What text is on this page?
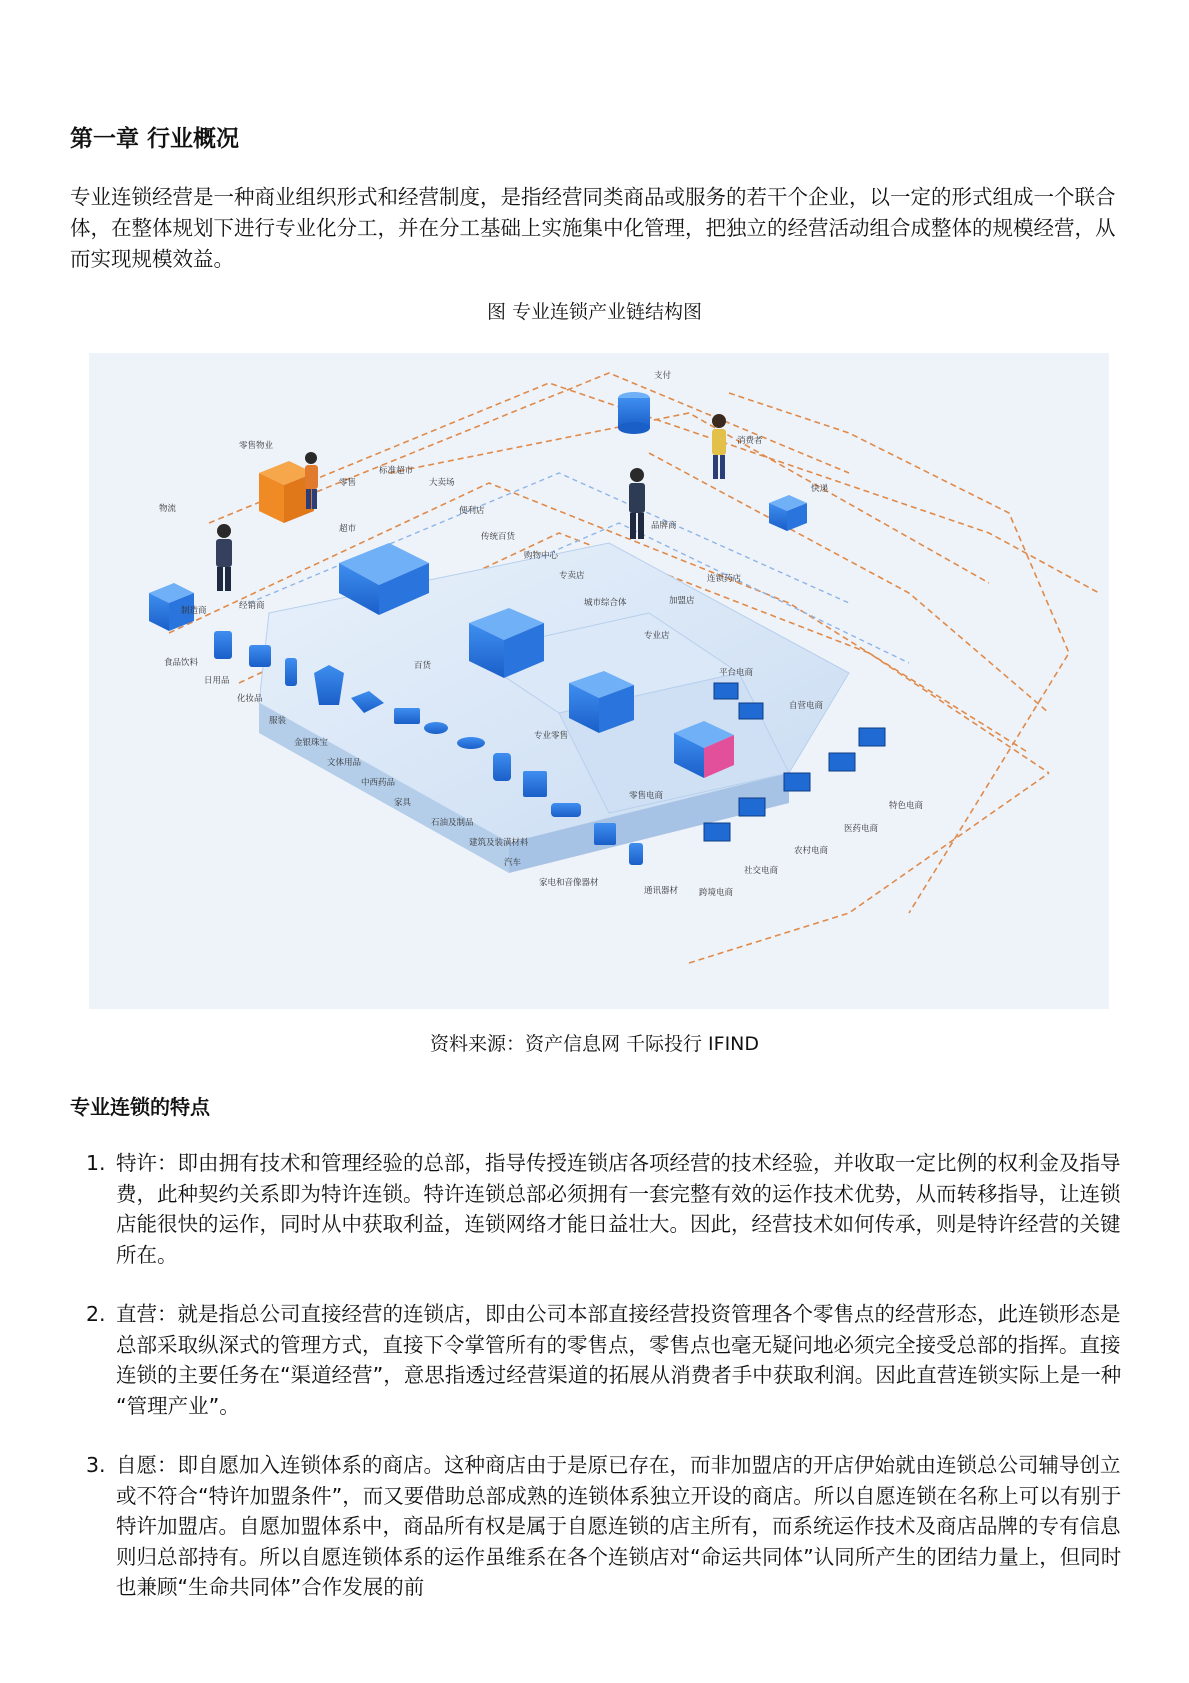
第一章 行业概况

专业连锁经营是一种商业组织形式和经营制度，是指经营同类商品或服务的若干个企业，以一定的形式组成一个联合体，在整体规划下进行专业化分工，并在分工基础上实施集中化管理，把独立的经营活动组合成整体的规模经营，从而实现规模效益。

图 专业连锁产业链结构图

物流
零售物业
零售
超市
标准超市
大卖场
便利店
传统百货
购物中心
专卖店
城市综合体
支付
消费者
品牌商
快递
连锁药店
加盟店
专业店
经销商
制造商
百货
专业零售
零售电商
平台电商
自营电商
特色电商
医药电商
农村电商
社交电商
跨境电商
食品饮料
日用品
化妆品
服装
金银珠宝
文体用品
中西药品
家具
石油及制品
建筑及装潢材料
汽车
家电和音像器材
通讯器材

资料来源：资产信息网 千际投行 IFIND

专业连锁的特点
1. 特许：即由拥有技术和管理经验的总部，指导传授连锁店各项经营的技术经验，并收取一定比例的权利金及指导费，此种契约关系即为特许连锁。特许连锁总部必须拥有一套完整有效的运作技术优势，从而转移指导，让连锁店能很快的运作，同时从中获取利益，连锁网络才能日益壮大。因此，经营技术如何传承，则是特许经营的关键所在。
2. 直营：就是指总公司直接经营的连锁店，即由公司本部直接经营投资管理各个零售点的经营形态，此连锁形态是总部采取纵深式的管理方式，直接下令掌管所有的零售点，零售点也毫无疑问地必须完全接受总部的指挥。直接连锁的主要任务在“渠道经营”，意思指透过经营渠道的拓展从消费者手中获取利润。因此直营连锁实际上是一种 “管理产业”。
3. 自愿：即自愿加入连锁体系的商店。这种商店由于是原已存在，而非加盟店的开店伊始就由连锁总公司辅导创立或不符合“特许加盟条件”，而又要借助总部成熟的连锁体系独立开设的商店。所以自愿连锁在名称上可以有别于特许加盟店。自愿加盟体系中，商品所有权是属于自愿连锁的店主所有，而系统运作技术及商店品牌的专有信息则归总部持有。所以自愿连锁体系的运作虽维系在各个连锁店对“命运共同体”认同所产生的团结力量上，但同时也兼顾“生命共同体”合作发展的前
